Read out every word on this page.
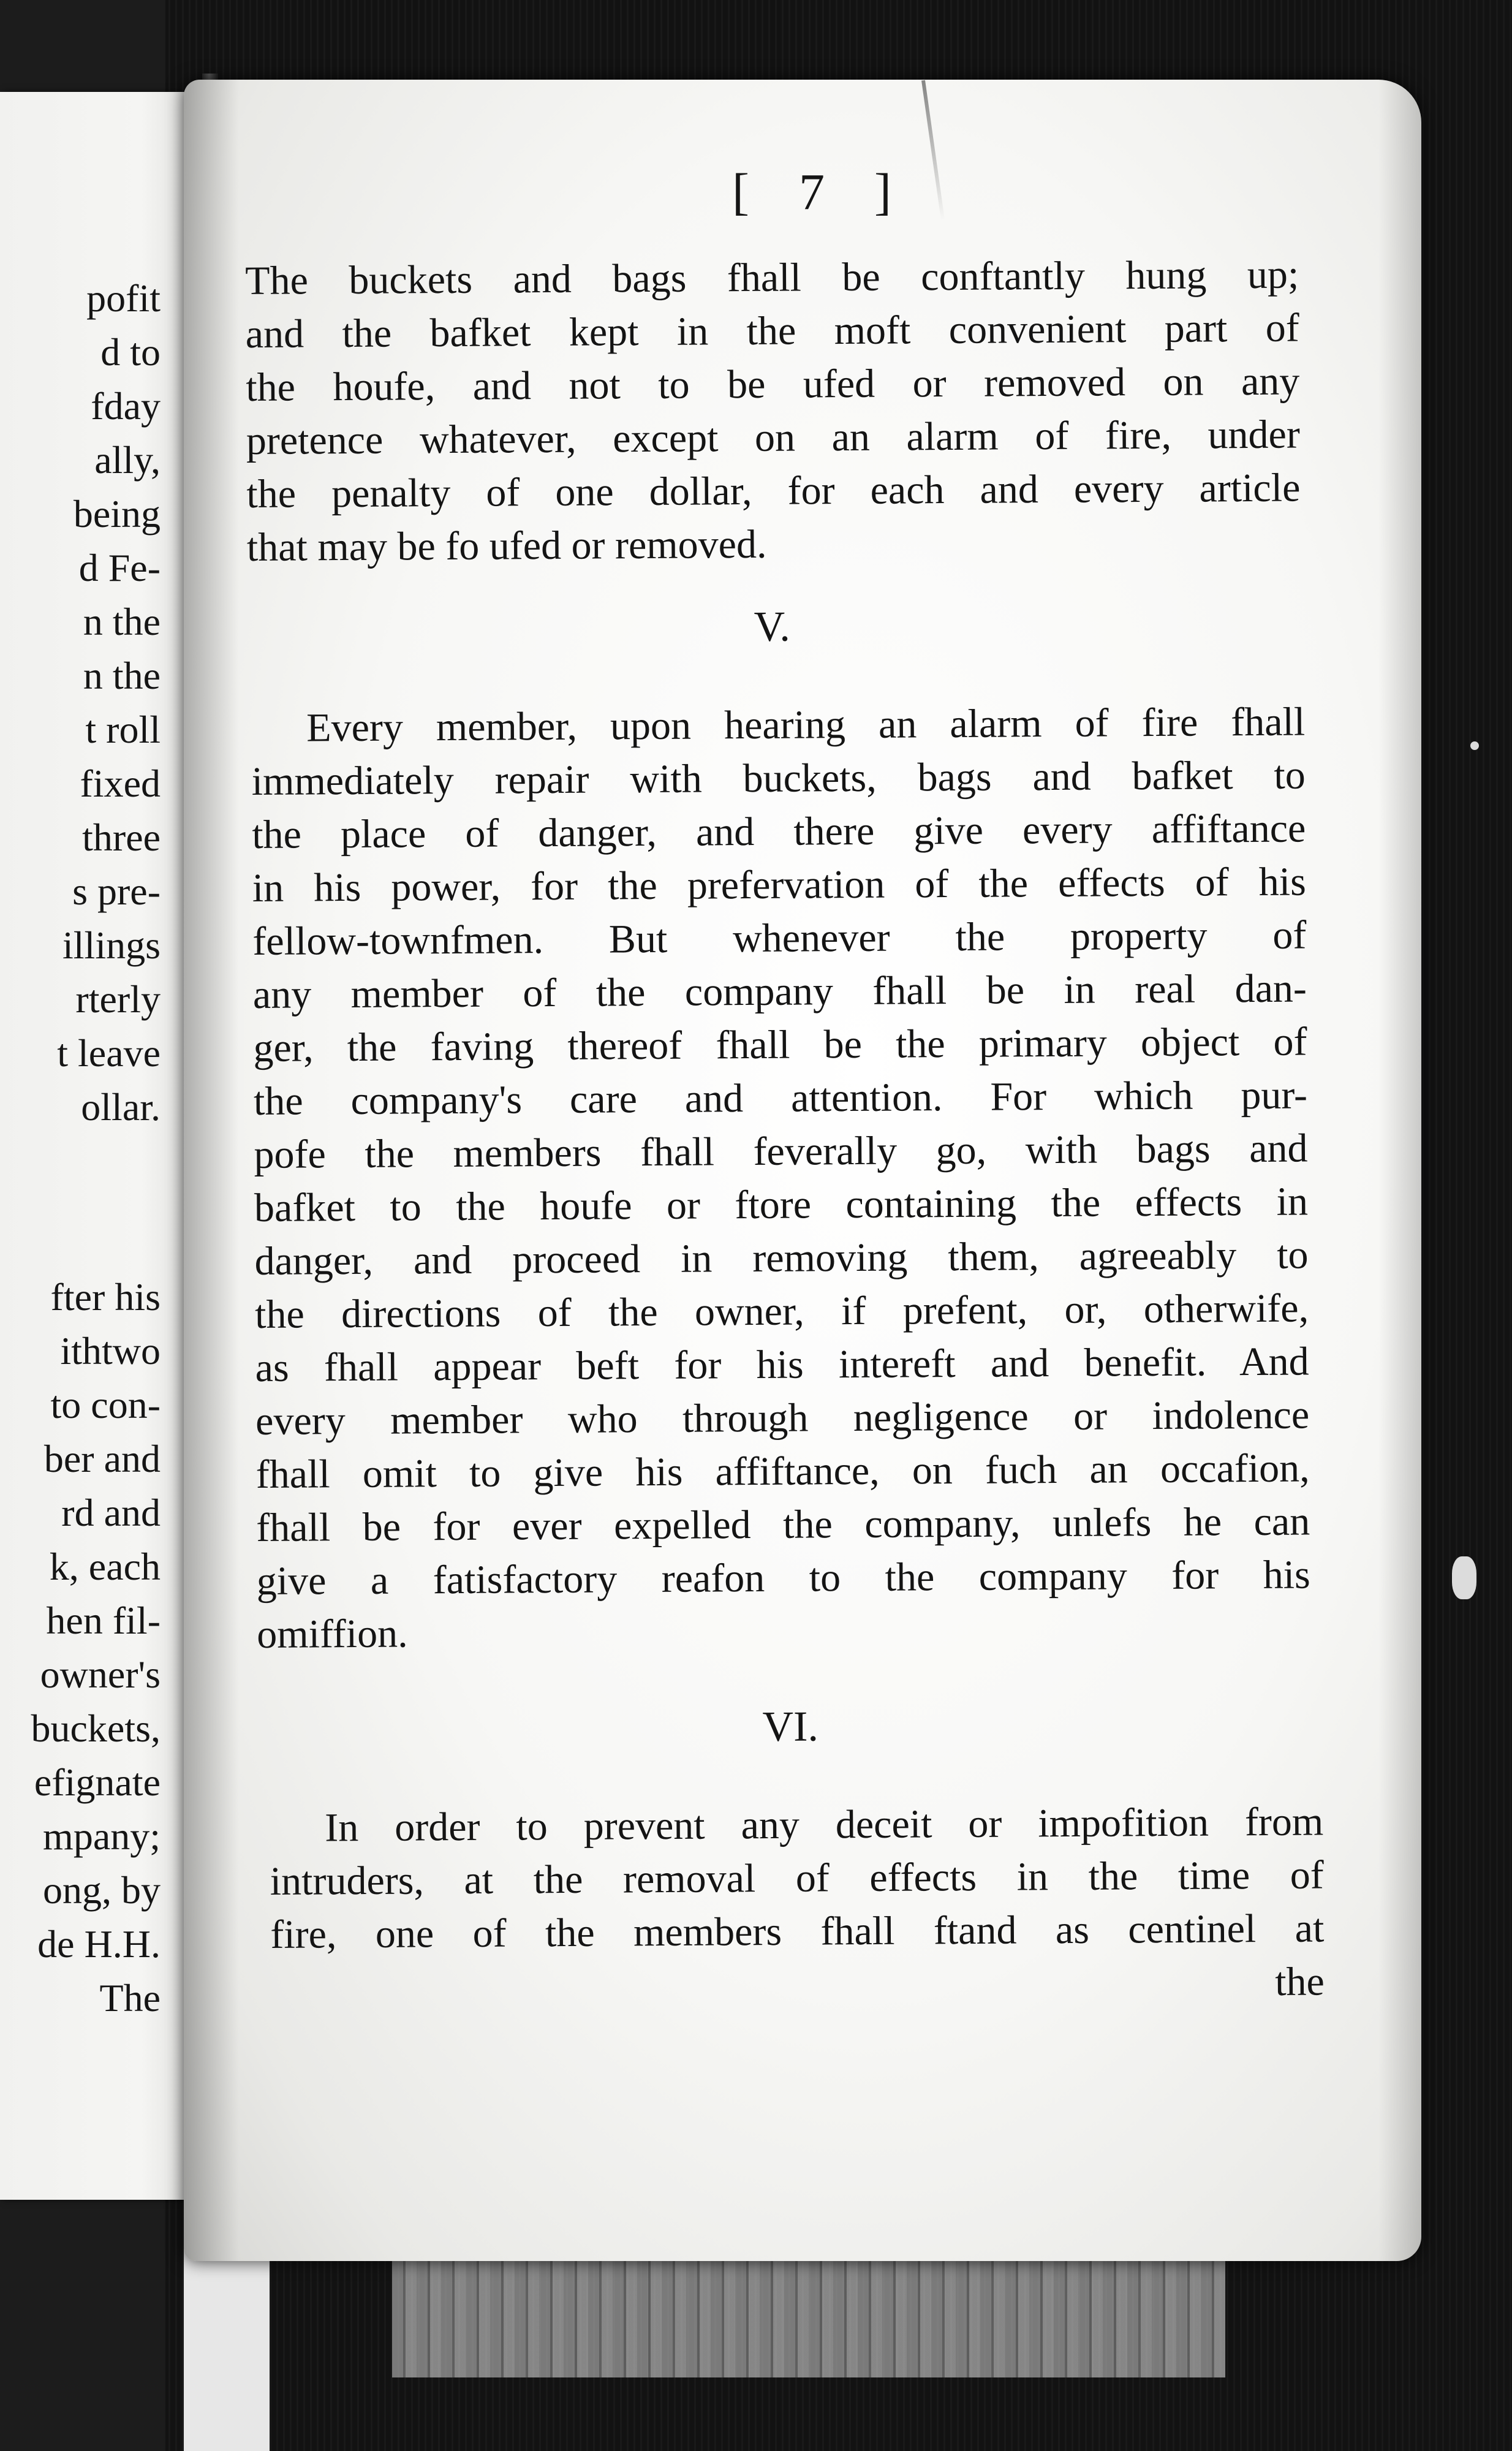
pofit
d to
fday
ally,
being
d Fe-
n the
n the
t roll
fixed
three
s pre-
illings
rterly
t leave
ollar.
fter his
ithtwo
to con-
ber and
rd and
k, each
hen fil-
owner's
buckets,
efignate
mpany;
ong, by
de H.H.
The
[ 7 ]
The buckets and bags fhall be conftantly hung up;
and the bafket kept in the moft convenient part of
the houfe, and not to be ufed or removed on any
pretence whatever, except on an alarm of fire, under
the penalty of one dollar, for each and every article
that may be fo ufed or removed.
V.
Every member, upon hearing an alarm of fire fhall
immediately repair with buckets, bags and bafket to
the place of danger, and there give every affiftance
in his power, for the prefervation of the effects of his
fellow-townfmen. But whenever the property of
any member of the company fhall be in real dan-
ger, the faving thereof fhall be the primary object of
the company's care and attention. For which pur-
pofe the members fhall feverally go, with bags and
bafket to the houfe or ftore containing the effects in
danger, and proceed in removing them, agreeably to
the directions of the owner, if prefent, or, otherwife,
as fhall appear beft for his intereft and benefit. And
every member who through negligence or indolence
fhall omit to give his affiftance, on fuch an occafion,
fhall be for ever expelled the company, unlefs he can
give a fatisfactory reafon to the company for his
omiffion.
VI.
In order to prevent any deceit or impofition from
intruders, at the removal of effects in the time of
fire, one of the members fhall ftand as centinel at
the
